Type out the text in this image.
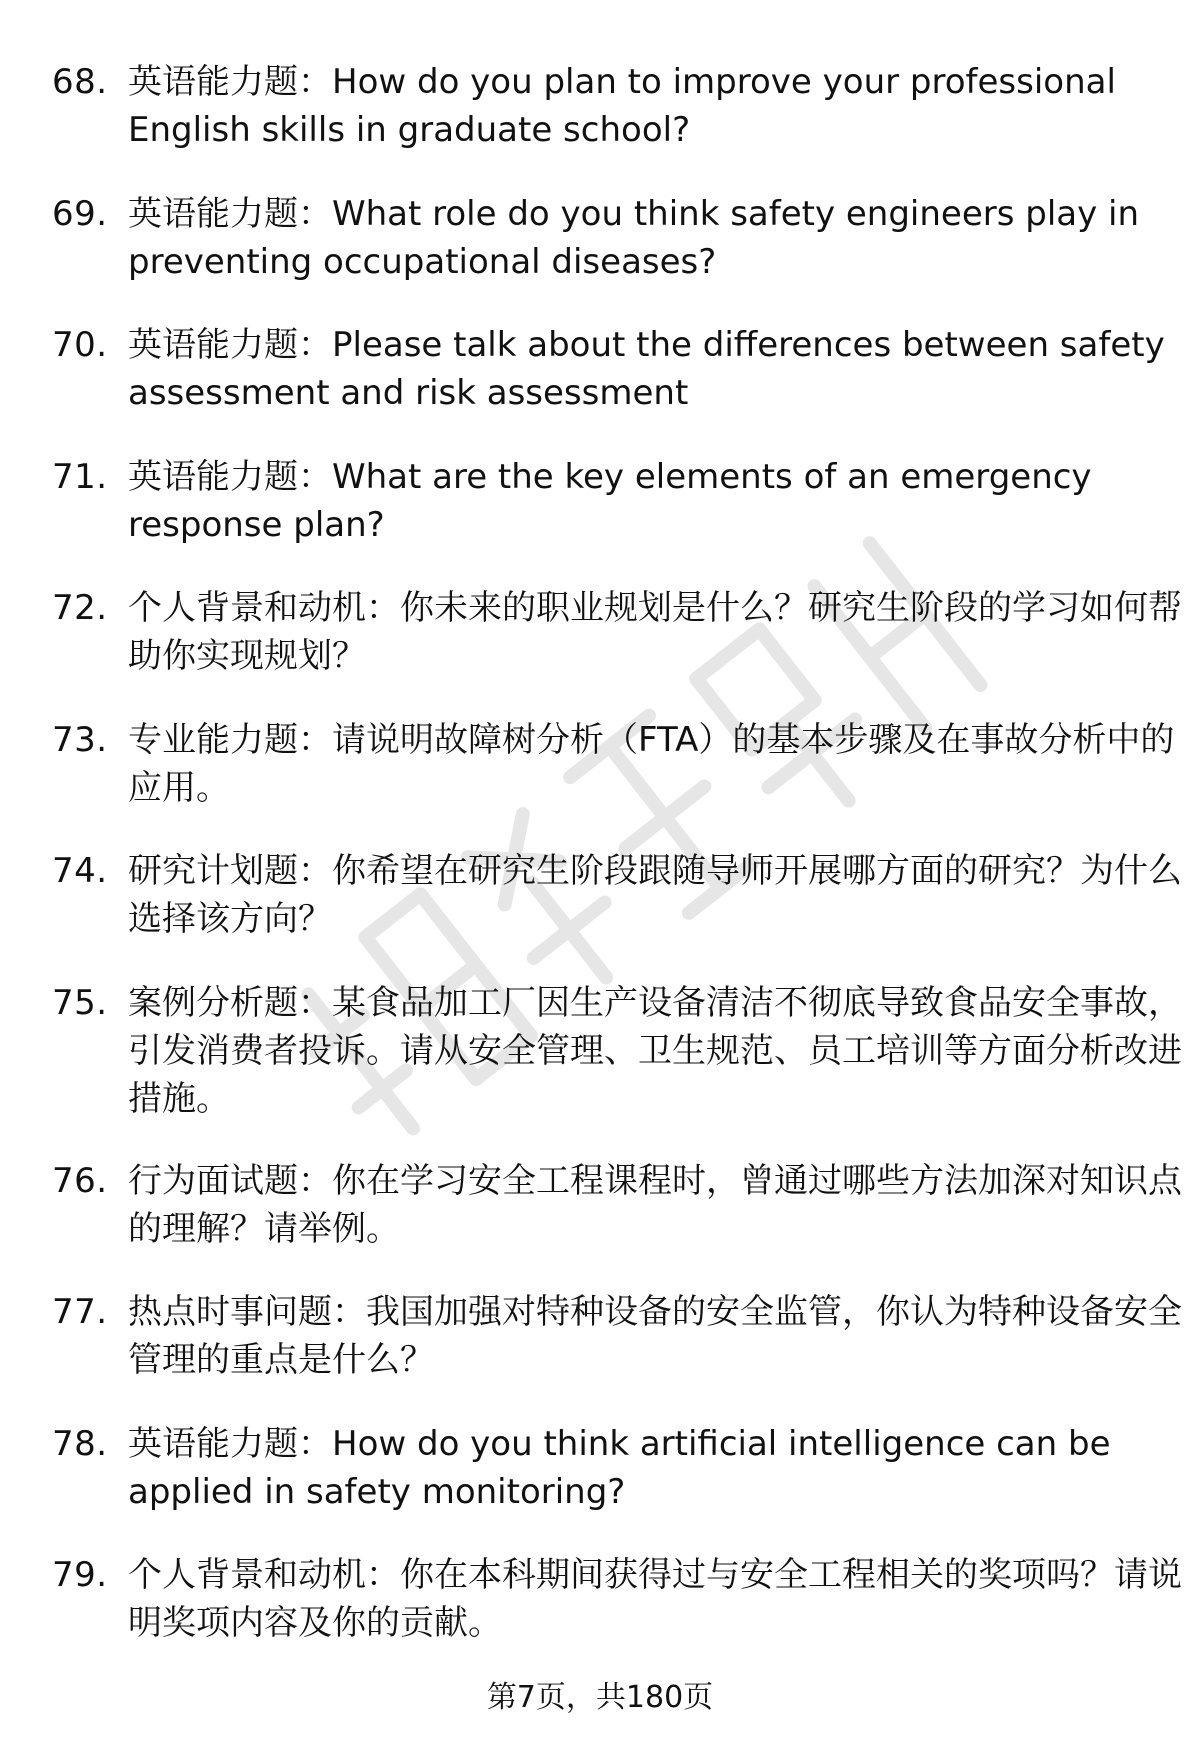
68. 英语能力题：How do you plan to improve your professional English skills in graduate school?
69. 英语能力题：What role do you think safety engineers play in preventing occupational diseases?
70. 英语能力题：Please talk about the differences between safety assessment and risk assessment
71. 英语能力题：What are the key elements of an emergency response plan?
72. 个人背景和动机：你未来的职业规划是什么？研究生阶段的学习如何帮助你实现规划？
73. 专业能力题：请说明故障树分析（FTA）的基本步骤及在事故分析中的应用。
74. 研究计划题：你希望在研究生阶段跟随导师开展哪方面的研究？为什么选择该方向？
75. 案例分析题：某食品加工厂因生产设备清洁不彻底导致食品安全事故，引发消费者投诉。请从安全管理、卫生规范、员工培训等方面分析改进措施。
76. 行为面试题：你在学习安全工程课程时，曾通过哪些方法加深对知识点的理解？请举例。
77. 热点时事问题：我国加强对特种设备的安全监管，你认为特种设备安全管理的重点是什么？
78. 英语能力题：How do you think artificial intelligence can be applied in safety monitoring?
79. 个人背景和动机：你在本科期间获得过与安全工程相关的奖项吗？请说明奖项内容及你的贡献。
第7页，共180页
